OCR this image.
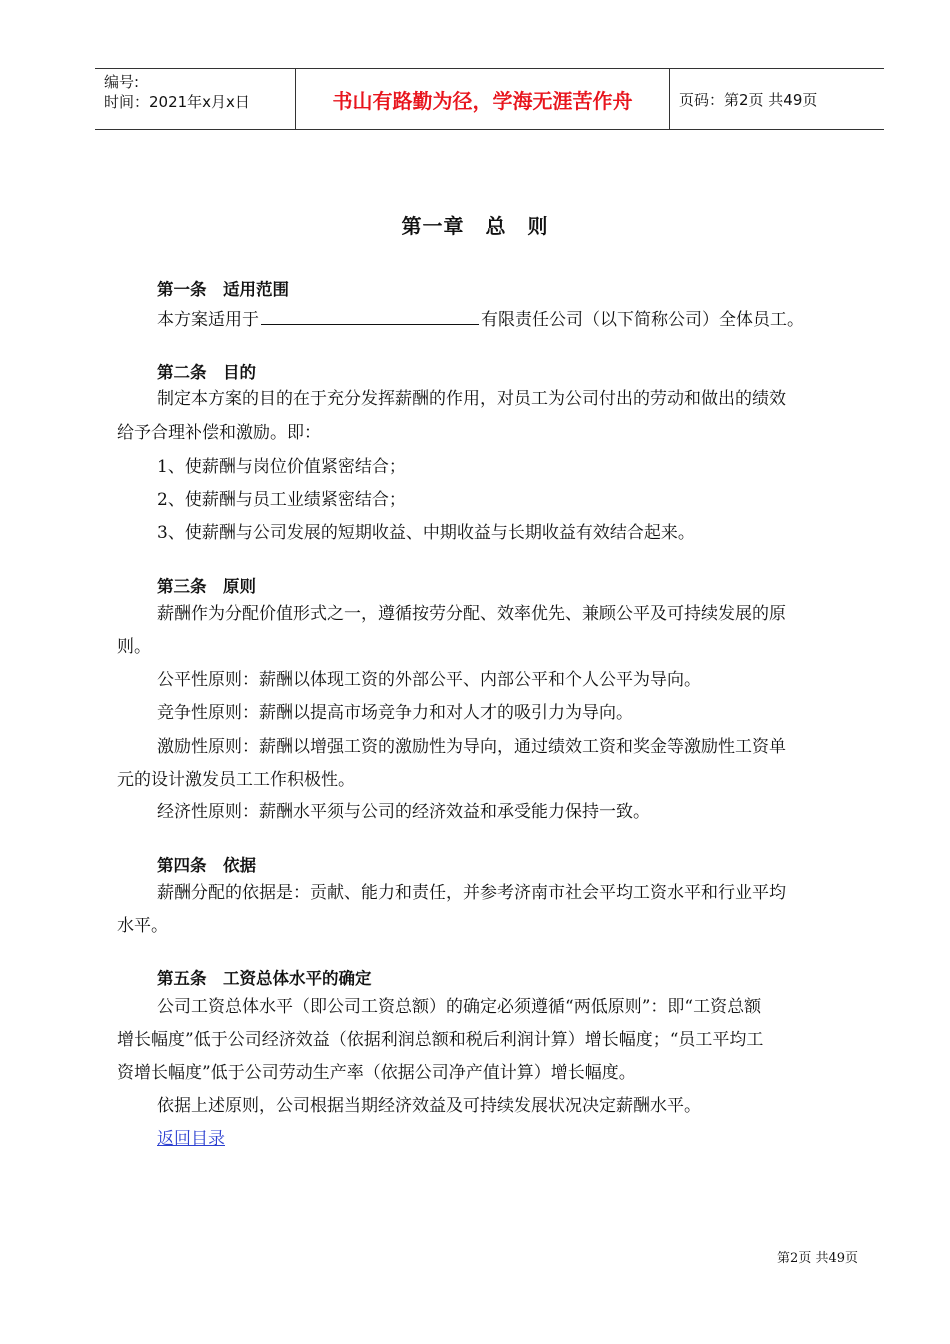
编号:
时间：2021年x月x日	书山有路勤为径，学海无涯苦作舟	页码：第2页 共49页
第一章　总　则
第一条　适用范围
本方案适用于	有限责任公司（以下简称公司）全体员工。
第二条　目的
制定本方案的目的在于充分发挥薪酬的作用，对员工为公司付出的劳动和做出的绩效
给予合理补偿和激励。即：
1、使薪酬与岗位价值紧密结合；
2、使薪酬与员工业绩紧密结合；
3、使薪酬与公司发展的短期收益、中期收益与长期收益有效结合起来。
第三条　原则
薪酬作为分配价值形式之一，遵循按劳分配、效率优先、兼顾公平及可持续发展的原
则。
公平性原则：薪酬以体现工资的外部公平、内部公平和个人公平为导向。
竞争性原则：薪酬以提高市场竞争力和对人才的吸引力为导向。
激励性原则：薪酬以增强工资的激励性为导向，通过绩效工资和奖金等激励性工资单
元的设计激发员工工作积极性。
经济性原则：薪酬水平须与公司的经济效益和承受能力保持一致。
第四条　依据
薪酬分配的依据是：贡献、能力和责任，并参考济南市社会平均工资水平和行业平均
水平。
第五条　工资总体水平的确定
公司工资总体水平（即公司工资总额）的确定必须遵循“两低原则”：即“工资总额
增长幅度”低于公司经济效益（依据利润总额和税后利润计算）增长幅度；“员工平均工
资增长幅度”低于公司劳动生产率（依据公司净产值计算）增长幅度。
依据上述原则，公司根据当期经济效益及可持续发展状况决定薪酬水平。
返回目录
第2页 共49页
